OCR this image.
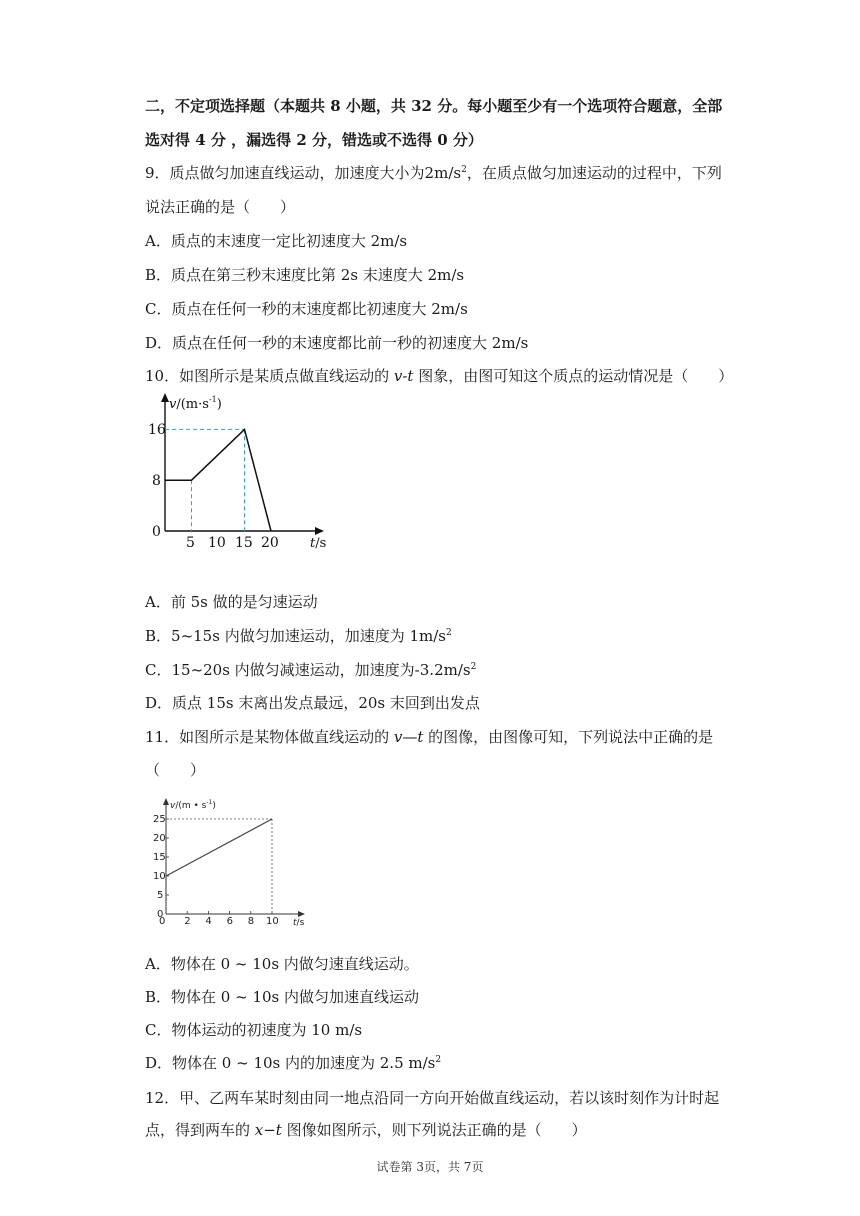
二，不定项选择题（本题共 8 小题，共 32 分。每小题至少有一个选项符合题意，全部
选对得 4 分 ，漏选得 2 分，错选或不选得 0 分）
9．质点做匀加速直线运动，加速度大小为$2m/s^2$，在质点做匀加速运动的过程中，下列
说法正确的是（　　）
A．质点的末速度一定比初速度大 2m/s
B．质点在第三秒末速度比第 2s 末速度大 2m/s
C．质点在任何一秒的末速度都比初速度大 2m/s
D．质点在任何一秒的末速度都比前一秒的初速度大 2m/s
10．如图所示是某质点做直线运动的 v-t 图象，由图可知这个质点的运动情况是（　　）
$v/(m\cdot s^{-1})$
t/s
16
8
0
5 10 15 20
A．前 5s 做的是匀速运动
B．5~15s 内做匀加速运动，加速度为 $1m/s^2$
C．15~20s 内做匀减速运动，加速度为$-3.2m/s^2$
D．质点 15s 末离出发点最远，20s 末回到出发点
11．如图所示是某物体做直线运动的 v—t 的图像，由图像可知，下列说法中正确的是
（　　）
v/(m • $s^{-1}$)
t/s
25
20
15
10
5
0
0 2 4 6 8 10
A．物体在 0 ~ 10s 内做匀速直线运动。
B．物体在 0 ~ 10s 内做匀加速直线运动
C．物体运动的初速度为 10 m/s
D．物体在 0 ~ 10s 内的加速度为 2.5 $m/s^2$
12．甲、乙两车某时刻由同一地点沿同一方向开始做直线运动，若以该时刻作为计时起
点，得到两车的 x−t 图像如图所示，则下列说法正确的是（　　）
试卷第 3页，共 7页
